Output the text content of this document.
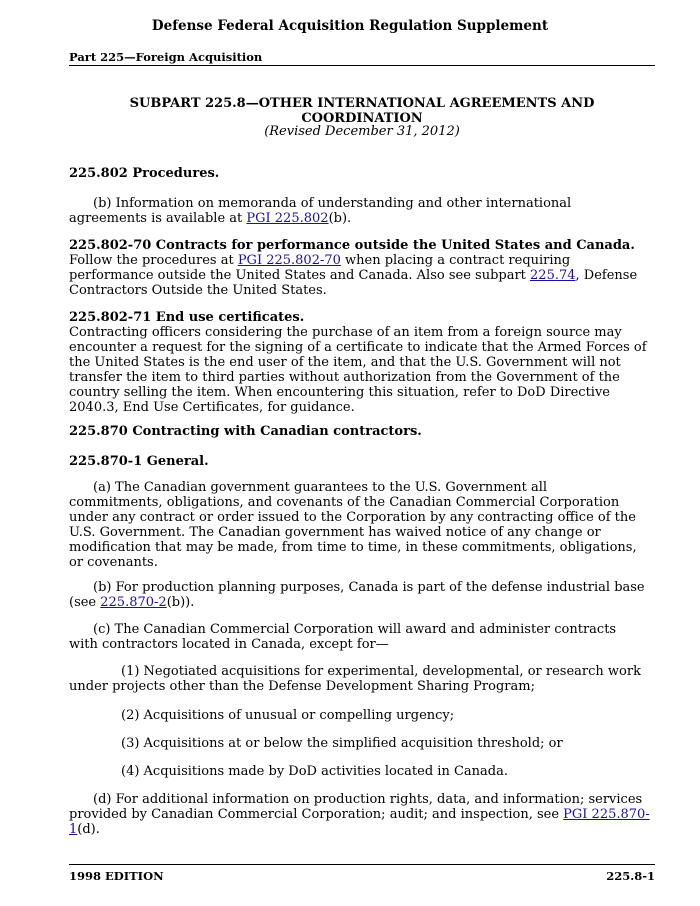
Defense Federal Acquisition Regulation Supplement
Part 225—Foreign Acquisition
SUBPART 225.8—OTHER INTERNATIONAL AGREEMENTS AND
COORDINATION
(Revised December 31, 2012)
225.802 Procedures.
(b) Information on memoranda of understanding and other international
agreements is available at PGI 225.802(b).
225.802-70 Contracts for performance outside the United States and Canada.
Follow the procedures at PGI 225.802-70 when placing a contract requiring
performance outside the United States and Canada. Also see subpart 225.74, Defense
Contractors Outside the United States.
225.802-71 End use certificates.
Contracting officers considering the purchase of an item from a foreign source may
encounter a request for the signing of a certificate to indicate that the Armed Forces of
the United States is the end user of the item, and that the U.S. Government will not
transfer the item to third parties without authorization from the Government of the
country selling the item. When encountering this situation, refer to DoD Directive
2040.3, End Use Certificates, for guidance.
225.870 Contracting with Canadian contractors.
225.870-1 General.
(a) The Canadian government guarantees to the U.S. Government all
commitments, obligations, and covenants of the Canadian Commercial Corporation
under any contract or order issued to the Corporation by any contracting office of the
U.S. Government. The Canadian government has waived notice of any change or
modification that may be made, from time to time, in these commitments, obligations,
or covenants.
(b) For production planning purposes, Canada is part of the defense industrial base
(see 225.870-2(b)).
(c) The Canadian Commercial Corporation will award and administer contracts
with contractors located in Canada, except for—
(1) Negotiated acquisitions for experimental, developmental, or research work
under projects other than the Defense Development Sharing Program;
(2) Acquisitions of unusual or compelling urgency;
(3) Acquisitions at or below the simplified acquisition threshold; or
(4) Acquisitions made by DoD activities located in Canada.
(d) For additional information on production rights, data, and information; services
provided by Canadian Commercial Corporation; audit; and inspection, see PGI 225.870-
1(d).
1998 EDITION	225.8-1
